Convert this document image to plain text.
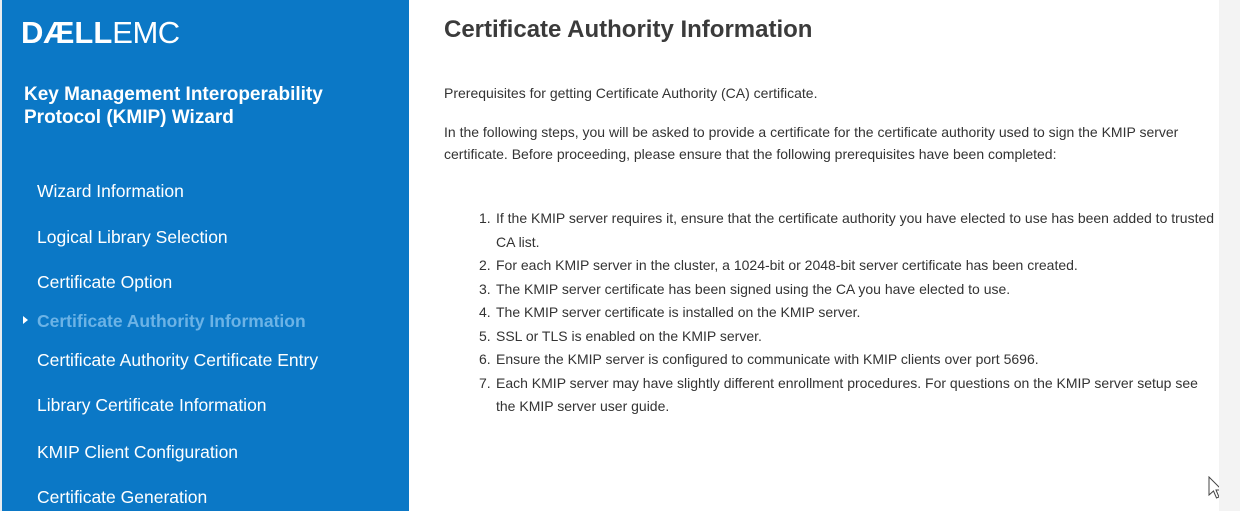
DÆLLEMC
Key Management Interoperability Protocol (KMIP) Wizard
Wizard Information
Logical Library Selection
Certificate Option
Certificate Authority Information
Certificate Authority Certificate Entry
Library Certificate Information
KMIP Client Configuration
Certificate Generation
Certificate Authority Information
Prerequisites for getting Certificate Authority (CA) certificate.
In the following steps, you will be asked to provide a certificate for the certificate authority used to sign the KMIP server certificate. Before proceeding, please ensure that the following prerequisites have been completed:
1. If the KMIP server requires it, ensure that the certificate authority you have elected to use has been added to trusted CA list.
2. For each KMIP server in the cluster, a 1024-bit or 2048-bit server certificate has been created.
3. The KMIP server certificate has been signed using the CA you have elected to use.
4. The KMIP server certificate is installed on the KMIP server.
5. SSL or TLS is enabled on the KMIP server.
6. Ensure the KMIP server is configured to communicate with KMIP clients over port 5696.
7. Each KMIP server may have slightly different enrollment procedures. For questions on the KMIP server setup see the KMIP server user guide.
